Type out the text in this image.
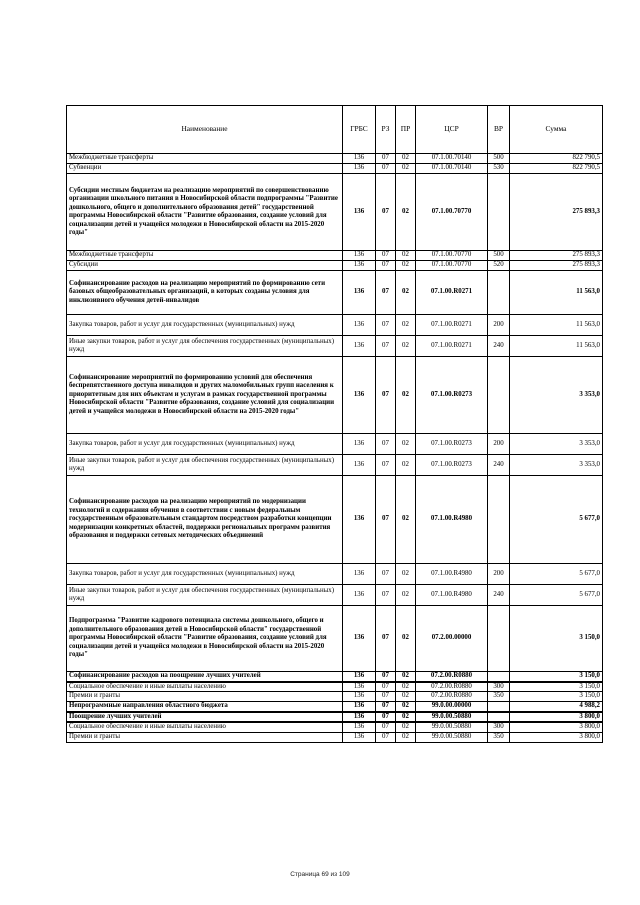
Наименование	ГРБС	РЗ	ПР	ЦСР	ВР	Сумма
Межбюджетные трансферты	136	07	02	07.1.00.70140	500	822 790,5
Субвенции	136	07	02	07.1.00.70140	530	822 790,5
Субсидии местным бюджетам на реализацию мероприятий по совершенствованию организации школьного питания в Новосибирской области подпрограммы "Развитие дошкольного, общего и дополнительного образования детей" государственной программы Новосибирской области "Развитие образования, создание условий для социализации детей и учащейся молодежи в Новосибирской области на 2015-2020 годы"	136	07	02	07.1.00.70770		275 893,3
Межбюджетные трансферты	136	07	02	07.1.00.70770	500	275 893,3
Субсидии	136	07	02	07.1.00.70770	520	275 893,3
Софинансирование расходов на реализацию мероприятий по формированию сети базовых общеобразовательных организаций, в которых созданы условия для инклюзивного обучения детей-инвалидов	136	07	02	07.1.00.R0271		11 563,0
Закупка товаров, работ и услуг для государственных (муниципальных) нужд	136	07	02	07.1.00.R0271	200	11 563,0
Иные закупки товаров, работ и услуг для обеспечения государственных (муниципальных) нужд	136	07	02	07.1.00.R0271	240	11 563,0
Софинансирование мероприятий по формированию условий для обеспечения беспрепятственного доступа инвалидов и других маломобильных групп населения к приоритетным для них объектам и услугам в рамках государственной программы Новосибирской области "Развитие образования, создание условий для социализации детей и учащейся молодежи в Новосибирской области на 2015-2020 годы"	136	07	02	07.1.00.R0273		3 353,0
Закупка товаров, работ и услуг для государственных (муниципальных) нужд	136	07	02	07.1.00.R0273	200	3 353,0
Иные закупки товаров, работ и услуг для обеспечения государственных (муниципальных) нужд	136	07	02	07.1.00.R0273	240	3 353,0
Софинансирование расходов на реализацию мероприятий по модернизации технологий и содержания обучения в соответствии с новым федеральным государственным образовательным стандартом посредством разработки концепции модернизации конкретных областей, поддержки региональных программ развития образования и поддержки сетевых методических объединений	136	07	02	07.1.00.R4980		5 677,0
Закупка товаров, работ и услуг для государственных (муниципальных) нужд	136	07	02	07.1.00.R4980	200	5 677,0
Иные закупки товаров, работ и услуг для обеспечения государственных (муниципальных) нужд	136	07	02	07.1.00.R4980	240	5 677,0
Подпрограмма "Развитие кадрового потенциала системы дошкольного, общего и дополнительного образования детей в Новосибирской области" государственной программы Новосибирской области "Развитие образования, создание условий для социализации детей и учащейся молодежи в Новосибирской области на 2015-2020 годы"	136	07	02	07.2.00.00000		3 150,0
Софинансирование расходов на поощрение лучших учителей	136	07	02	07.2.00.R0880		3 150,0
Социальное обеспечение и иные выплаты населению	136	07	02	07.2.00.R0880	300	3 150,0
Премии и гранты	136	07	02	07.2.00.R0880	350	3 150,0
Непрограммные направления областного бюджета	136	07	02	99.0.00.00000		4 988,2
Поощрение лучших учителей	136	07	02	99.0.00.50880		3 800,0
Социальное обеспечение и иные выплаты населению	136	07	02	99.0.00.50880	300	3 800,0
Премии и гранты	136	07	02	99.0.00.50880	350	3 800,0
Страница 69 из 109
